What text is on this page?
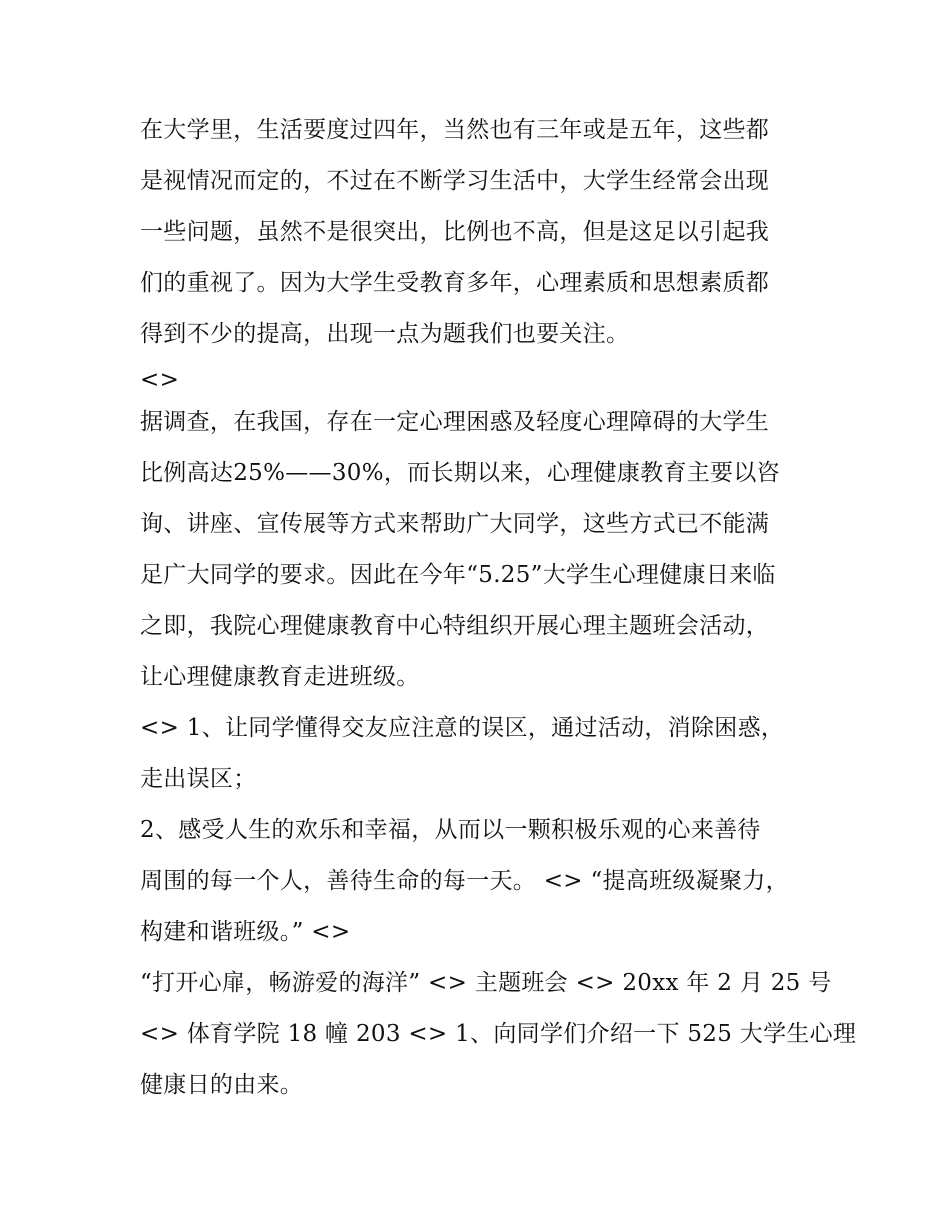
在大学里，生活要度过四年，当然也有三年或是五年，这些都
是视情况而定的，不过在不断学习生活中，大学生经常会出现
一些问题，虽然不是很突出，比例也不高，但是这足以引起我
们的重视了。因为大学生受教育多年，心理素质和思想素质都
得到不少的提高，出现一点为题我们也要关注。
<>
据调查，在我国，存在一定心理困惑及轻度心理障碍的大学生
比例高达25%——30%，而长期以来，心理健康教育主要以咨
询、讲座、宣传展等方式来帮助广大同学，这些方式已不能满
足广大同学的要求。因此在今年“5.25”大学生心理健康日来临
之即，我院心理健康教育中心特组织开展心理主题班会活动，
让心理健康教育走进班级。
<> 1、让同学懂得交友应注意的误区，通过活动，消除困惑，
走出误区；
2、感受人生的欢乐和幸福，从而以一颗积极乐观的心来善待
周围的每一个人，善待生命的每一天。 <> “提高班级凝聚力，
构建和谐班级。” <>
“打开心扉，畅游爱的海洋” <> 主题班会 <> 20xx 年 2 月 25 号
<> 体育学院 18 幢 203 <> 1、向同学们介绍一下 525 大学生心理
健康日的由来。
